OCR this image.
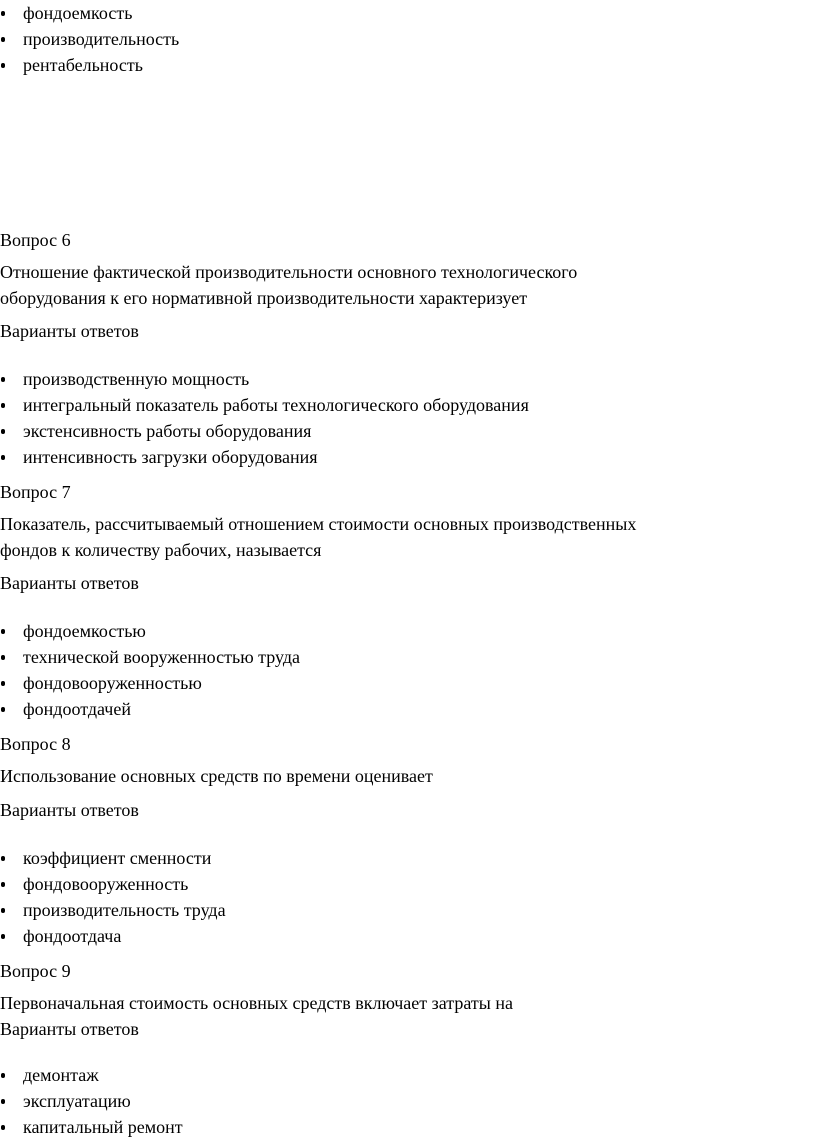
фондоемкость
производительность
рентабельность
Вопрос 6
Отношение фактической производительности основного технологического
оборудования к его нормативной производительности характеризует
Варианты ответов
производственную мощность
интегральный показатель работы технологического оборудования
экстенсивность работы оборудования
интенсивность загрузки оборудования
Вопрос 7
Показатель, рассчитываемый отношением стоимости основных производственных
фондов к количеству рабочих, называется
Варианты ответов
фондоемкостью
технической вооруженностью труда
фондовооруженностью
фондоотдачей
Вопрос 8
Использование основных средств по времени оценивает
Варианты ответов
коэффициент сменности
фондовооруженность
производительность труда
фондоотдача
Вопрос 9
Первоначальная стоимость основных средств включает затраты на
Варианты ответов
демонтаж
эксплуатацию
капитальный ремонт
